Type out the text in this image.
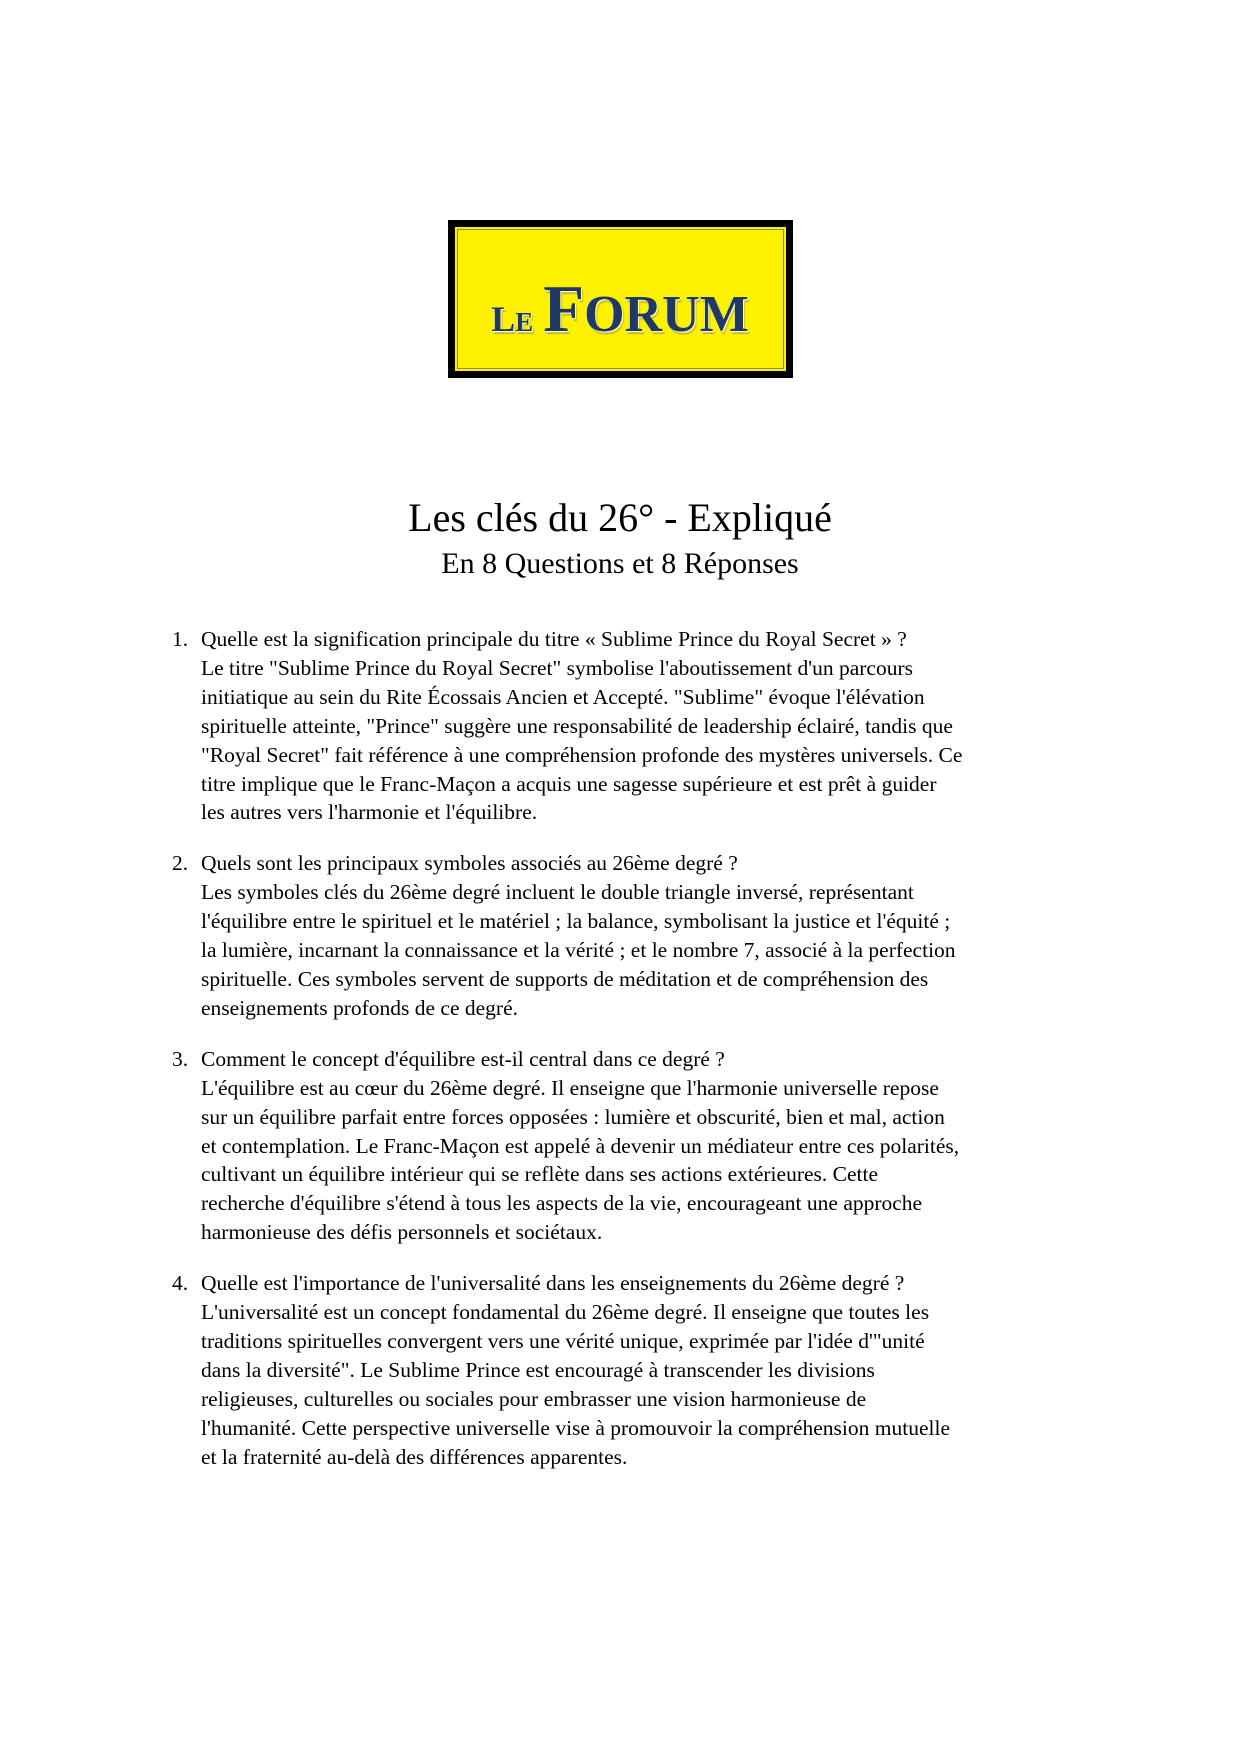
le forum
Les clés du 26° - Expliqué
En 8 Questions et 8 Réponses
1. Quelle est la signification principale du titre « Sublime Prince du Royal Secret » ?

Le titre "Sublime Prince du Royal Secret" symbolise l'aboutissement d'un parcours initiatique au sein du Rite Écossais Ancien et Accepté. "Sublime" évoque l'élévation spirituelle atteinte, "Prince" suggère une responsabilité de leadership éclairé, tandis que "Royal Secret" fait référence à une compréhension profonde des mystères universels. Ce titre implique que le Franc-Maçon a acquis une sagesse supérieure et est prêt à guider les autres vers l'harmonie et l'équilibre.

2. Quels sont les principaux symboles associés au 26ème degré ?

Les symboles clés du 26ème degré incluent le double triangle inversé, représentant l'équilibre entre le spirituel et le matériel ; la balance, symbolisant la justice et l'équité ; la lumière, incarnant la connaissance et la vérité ; et le nombre 7, associé à la perfection spirituelle. Ces symboles servent de supports de méditation et de compréhension des enseignements profonds de ce degré.

3. Comment le concept d'équilibre est-il central dans ce degré ?

L'équilibre est au cœur du 26ème degré. Il enseigne que l'harmonie universelle repose sur un équilibre parfait entre forces opposées : lumière et obscurité, bien et mal, action et contemplation. Le Franc-Maçon est appelé à devenir un médiateur entre ces polarités, cultivant un équilibre intérieur qui se reflète dans ses actions extérieures. Cette recherche d'équilibre s'étend à tous les aspects de la vie, encourageant une approche harmonieuse des défis personnels et sociétaux.

4. Quelle est l'importance de l'universalité dans les enseignements du 26ème degré ?

L'universalité est un concept fondamental du 26ème degré. Il enseigne que toutes les traditions spirituelles convergent vers une vérité unique, exprimée par l'idée d'"unité dans la diversité". Le Sublime Prince est encouragé à transcender les divisions religieuses, culturelles ou sociales pour embrasser une vision harmonieuse de l'humanité. Cette perspective universelle vise à promouvoir la compréhension mutuelle et la fraternité au-delà des différences apparentes.
